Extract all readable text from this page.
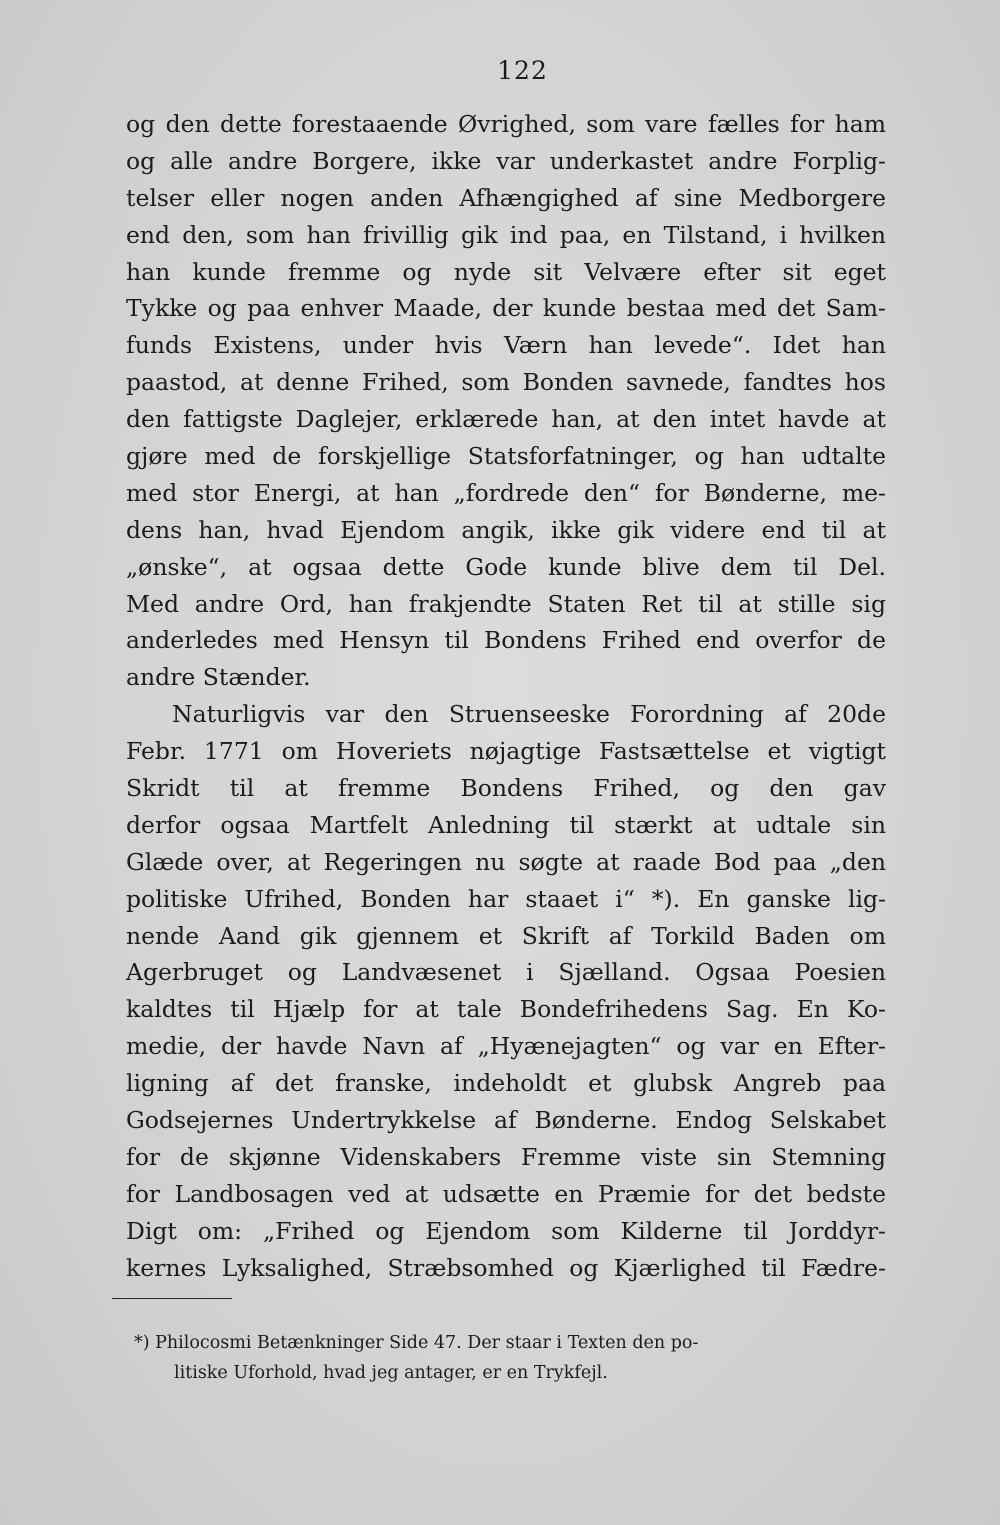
122
og den dette forestaaende Øvrighed, som vare fælles for ham
og alle andre Borgere, ikke var underkastet andre Forplig-
telser eller nogen anden Afhængighed af sine Medborgere
end den, som han frivillig gik ind paa, en Tilstand, i hvilken
han kunde fremme og nyde sit Velvære efter sit eget
Tykke og paa enhver Maade, der kunde bestaa med det Sam-
funds Existens, under hvis Værn han levede“. Idet han
paastod, at denne Frihed, som Bonden savnede, fandtes hos
den fattigste Daglejer, erklærede han, at den intet havde at
gjøre med de forskjellige Statsforfatninger, og han udtalte
med stor Energi, at han „fordrede den“ for Bønderne, me-
dens han, hvad Ejendom angik, ikke gik videre end til at
„ønske“, at ogsaa dette Gode kunde blive dem til Del.
Med andre Ord, han frakjendte Staten Ret til at stille sig
anderledes med Hensyn til Bondens Frihed end overfor de
andre Stænder.
Naturligvis var den Struenseeske Forordning af 20de
Febr. 1771 om Hoveriets nøjagtige Fastsættelse et vigtigt
Skridt til at fremme Bondens Frihed, og den gav
derfor ogsaa Martfelt Anledning til stærkt at udtale sin
Glæde over, at Regeringen nu søgte at raade Bod paa „den
politiske Ufrihed, Bonden har staaet i“ *). En ganske lig-
nende Aand gik gjennem et Skrift af Torkild Baden om
Agerbruget og Landvæsenet i Sjælland. Ogsaa Poesien
kaldtes til Hjælp for at tale Bondefrihedens Sag. En Ko-
medie, der havde Navn af „Hyænejagten“ og var en Efter-
ligning af det franske, indeholdt et glubsk Angreb paa
Godsejernes Undertrykkelse af Bønderne. Endog Selskabet
for de skjønne Videnskabers Fremme viste sin Stemning
for Landbosagen ved at udsætte en Præmie for det bedste
Digt om: „Frihed og Ejendom som Kilderne til Jorddyr-
kernes Lyksalighed, Stræbsomhed og Kjærlighed til Fædre-
*) Philocosmi Betænkninger Side 47. Der staar i Texten den po-
litiske Uforhold, hvad jeg antager, er en Trykfejl.
